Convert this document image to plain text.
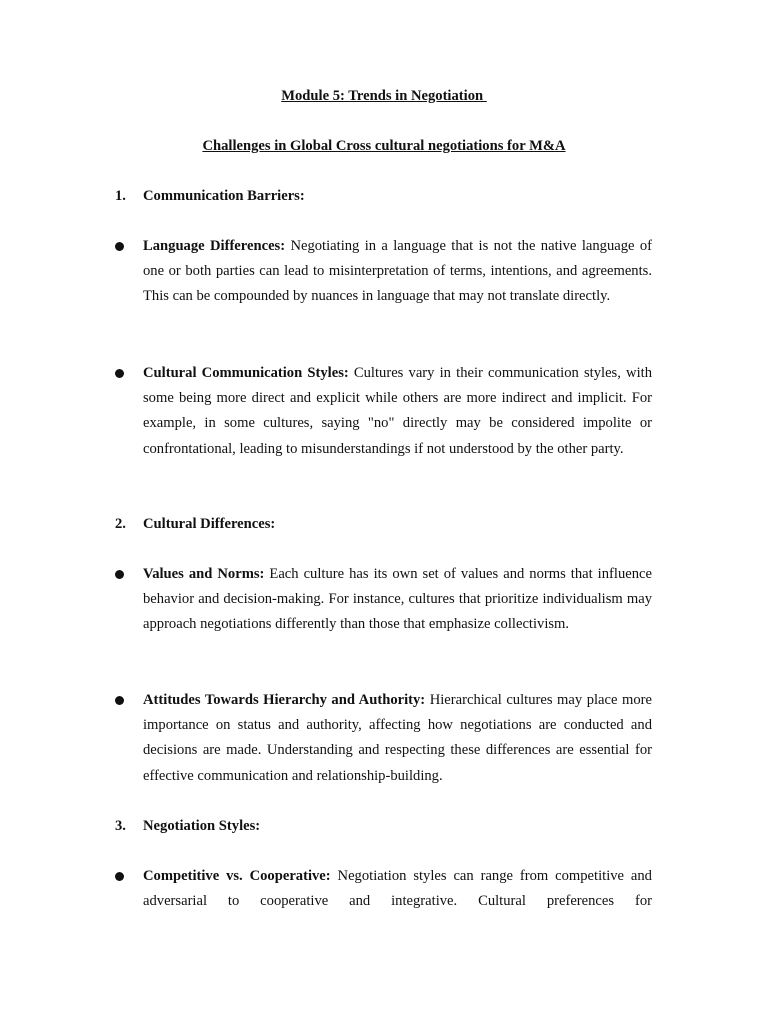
Module 5: Trends in Negotiation
Challenges in Global Cross cultural negotiations for M&A
1. Communication Barriers:
Language Differences: Negotiating in a language that is not the native language of one or both parties can lead to misinterpretation of terms, intentions, and agreements. This can be compounded by nuances in language that may not translate directly.
Cultural Communication Styles: Cultures vary in their communication styles, with some being more direct and explicit while others are more indirect and implicit. For example, in some cultures, saying "no" directly may be considered impolite or confrontational, leading to misunderstandings if not understood by the other party.
2. Cultural Differences:
Values and Norms: Each culture has its own set of values and norms that influence behavior and decision-making. For instance, cultures that prioritize individualism may approach negotiations differently than those that emphasize collectivism.
Attitudes Towards Hierarchy and Authority: Hierarchical cultures may place more importance on status and authority, affecting how negotiations are conducted and decisions are made. Understanding and respecting these differences are essential for effective communication and relationship-building.
3. Negotiation Styles:
Competitive vs. Cooperative: Negotiation styles can range from competitive and adversarial to cooperative and integrative. Cultural preferences for
